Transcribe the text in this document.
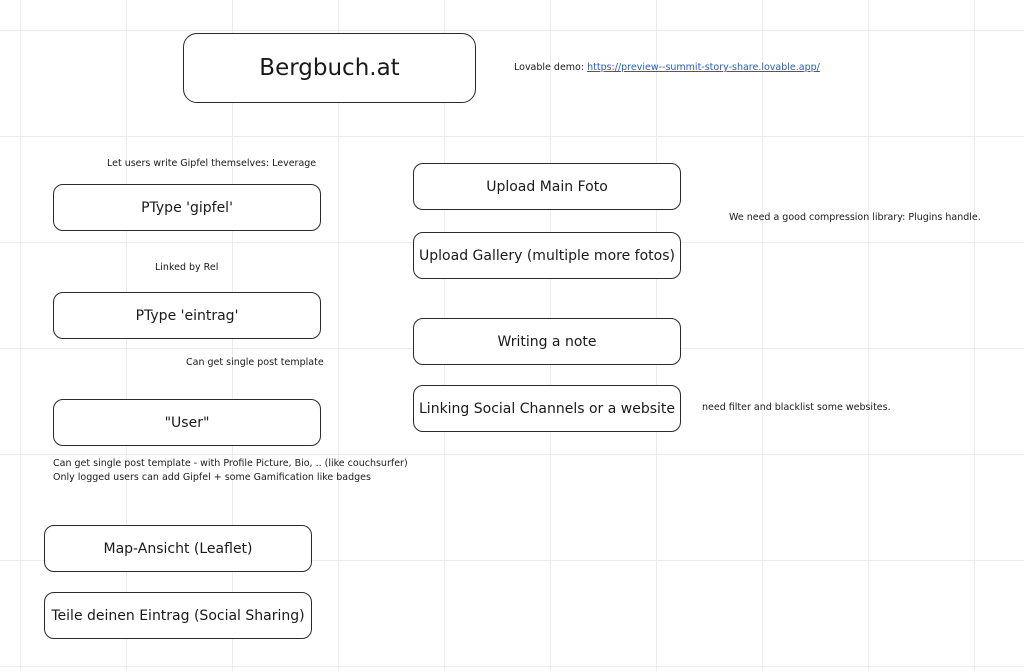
Bergbuch.at	Lovable demo: https://preview--summit-story-share.lovable.app/
Let users write Gipfel themselves: Leverage
PType 'gipfel'
Linked by Rel
PType 'eintrag'
Can get single post template
"User"
Can get single post template - with Profile Picture, Bio, .. (like couchsurfer)
Only logged users can add Gipfel + some Gamification like badges
Map-Ansicht (Leaflet)
Teile deinen Eintrag (Social Sharing)
Upload Main Foto
Upload Gallery (multiple more fotos)
We need a good compression library: Plugins handle.
Writing a note
Linking Social Channels or a website	need filter and blacklist some websites.
